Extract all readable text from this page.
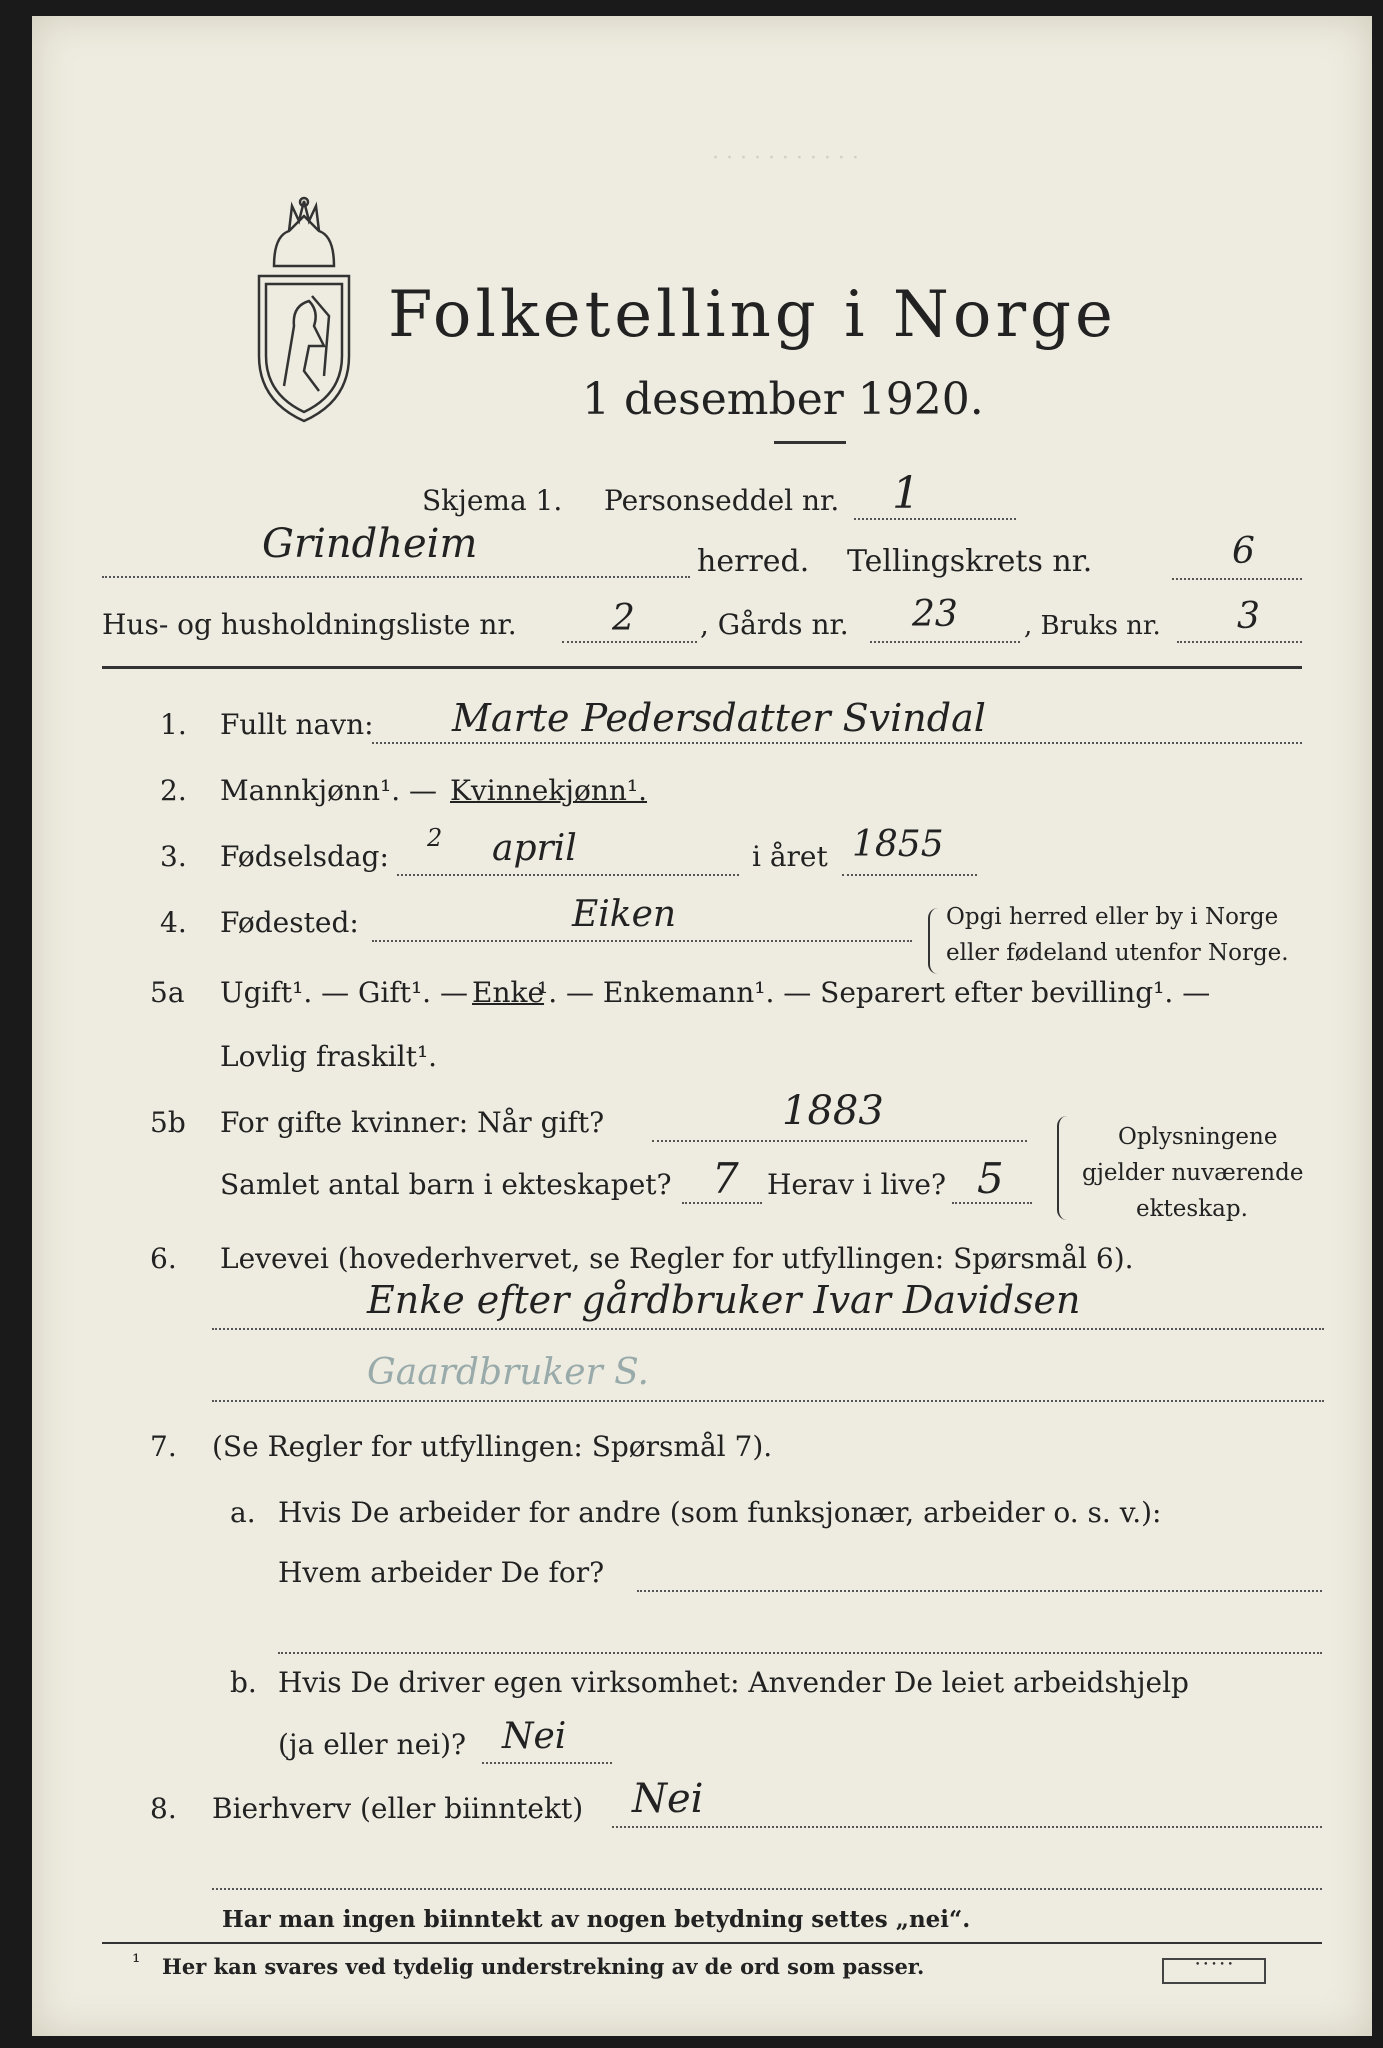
· · · · · · · · · · ·
Folketelling i Norge
1 desember 1920.
Skjema 1. Personseddel nr. 1
Grindheim	herred. Tellingskrets nr.	6
Hus- og husholdningsliste nr.	2 , Gårds nr. 23	, Bruks nr. 3
1. Fullt navn: Marte Pedersdatter Svindal
2. Mannkjønn¹. — Kvinnekjønn¹.
3. Fødselsdag:
2 april	i året 1855
4. Fødested:	Eiken	Opgi herred eller by i Norge
eller fødeland utenfor Norge.
5a Ugift¹. — Gift¹. — Enke
¹. — Enkemann¹. — Separert efter bevilling¹. —
Lovlig fraskilt¹.
5b For gifte kvinner: Når gift?	1883
Samlet antal barn i ekteskapet? 7 Herav i live? 5
Oplysningene
gjelder nuværende
ekteskap.
6. Levevei (hovederhvervet, se Regler for utfyllingen: Spørsmål 6).
Enke efter gårdbruker Ivar Davidsen
Gaardbruker S.
7. (Se Regler for utfyllingen: Spørsmål 7).
a. Hvis De arbeider for andre (som funksjonær, arbeider o. s. v.):
Hvem arbeider De for?
b. Hvis De driver egen virksomhet: Anvender De leiet arbeidshjelp
(ja eller nei)? Nei
8. Bierhverv (eller biinntekt) Nei
Har man ingen biinntekt av nogen betydning settes „nei“.
¹ Her kan svares ved tydelig understrekning av de ord som passer.	• • • • •
